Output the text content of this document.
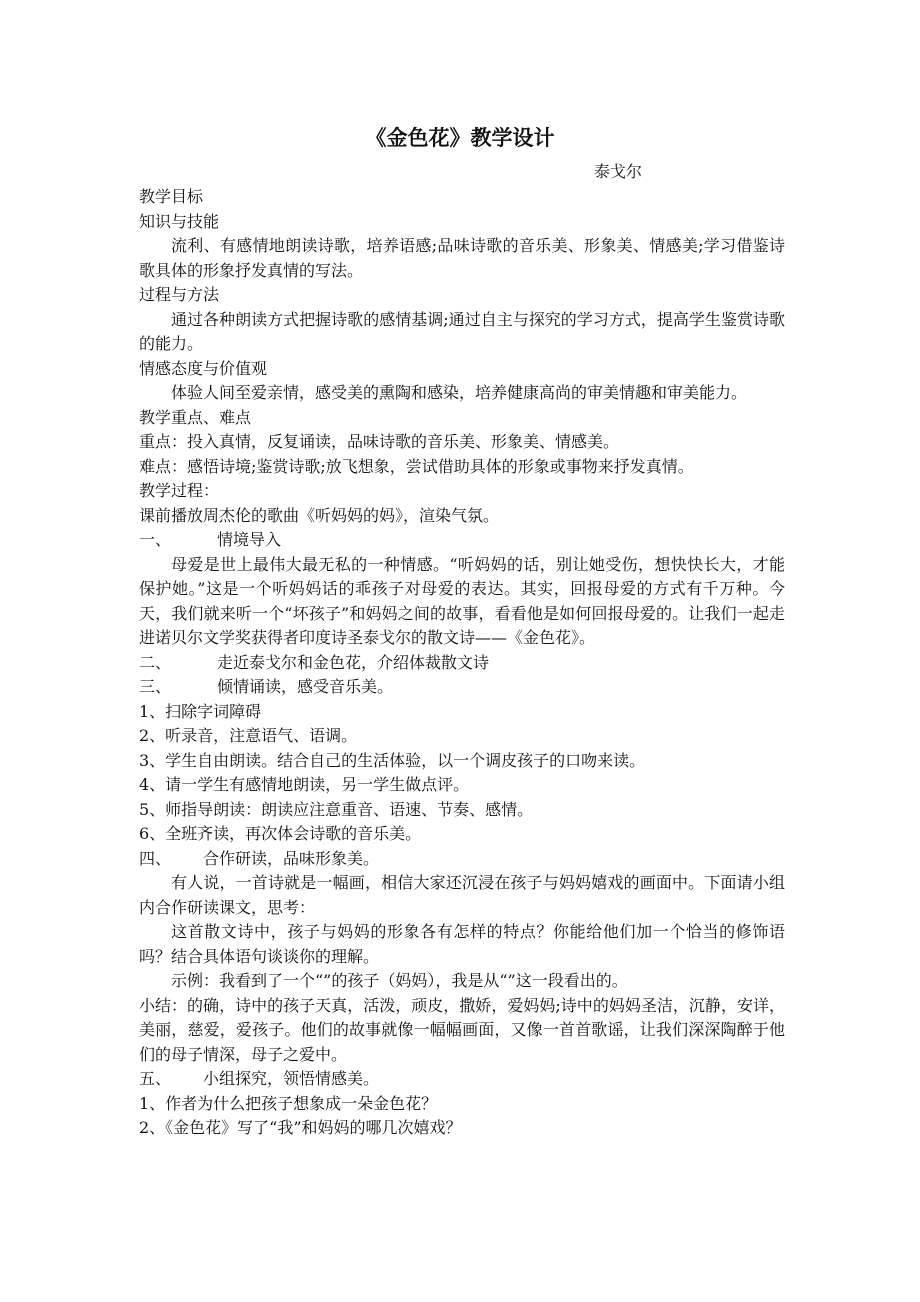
《金色花》教学设计
泰戈尔

教学目标

知识与技能

流利、有感情地朗读诗歌，培养语感;品味诗歌的音乐美、形象美、情感美;学习借鉴诗歌具体的形象抒发真情的写法。

过程与方法

通过各种朗读方式把握诗歌的感情基调;通过自主与探究的学习方式，提高学生鉴赏诗歌的能力。

情感态度与价值观

体验人间至爱亲情，感受美的熏陶和感染，培养健康高尚的审美情趣和审美能力。

教学重点、难点

重点：投入真情，反复诵读，品味诗歌的音乐美、形象美、情感美。

难点：感悟诗境;鉴赏诗歌;放飞想象，尝试借助具体的形象或事物来抒发真情。

教学过程：

课前播放周杰伦的歌曲《听妈妈的妈》，渲染气氛。

一、	情境导入

母爱是世上最伟大最无私的一种情感。“听妈妈的话，别让她受伤，想快快长大，才能保护她。”这是一个听妈妈话的乖孩子对母爱的表达。其实，回报母爱的方式有千万种。今天，我们就来听一个“坏孩子”和妈妈之间的故事，看看他是如何回报母爱的。让我们一起走进诺贝尔文学奖获得者印度诗圣泰戈尔的散文诗——《金色花》。

二、	走近泰戈尔和金色花，介绍体裁散文诗

三、	倾情诵读，感受音乐美。

1、扫除字词障碍

2、听录音，注意语气、语调。

3、学生自由朗读。结合自己的生活体验，以一个调皮孩子的口吻来读。

4、请一学生有感情地朗读，另一学生做点评。

5、师指导朗读：朗读应注意重音、语速、节奏、感情。

6、全班齐读，再次体会诗歌的音乐美。

四、 合作研读，品味形象美。

有人说，一首诗就是一幅画，相信大家还沉浸在孩子与妈妈嬉戏的画面中。下面请小组内合作研读课文，思考：

这首散文诗中，孩子与妈妈的形象各有怎样的特点？你能给他们加一个恰当的修饰语吗？结合具体语句谈谈你的理解。

示例：我看到了一个“”的孩子（妈妈），我是从“”这一段看出的。

小结：的确，诗中的孩子天真，活泼，顽皮，撒娇，爱妈妈;诗中的妈妈圣洁，沉静，安详，美丽，慈爱，爱孩子。他们的故事就像一幅幅画面，又像一首首歌谣，让我们深深陶醉于他们的母子情深，母子之爱中。

五、 小组探究，领悟情感美。

1、作者为什么把孩子想象成一朵金色花？

2、《金色花》写了“我”和妈妈的哪几次嬉戏？
